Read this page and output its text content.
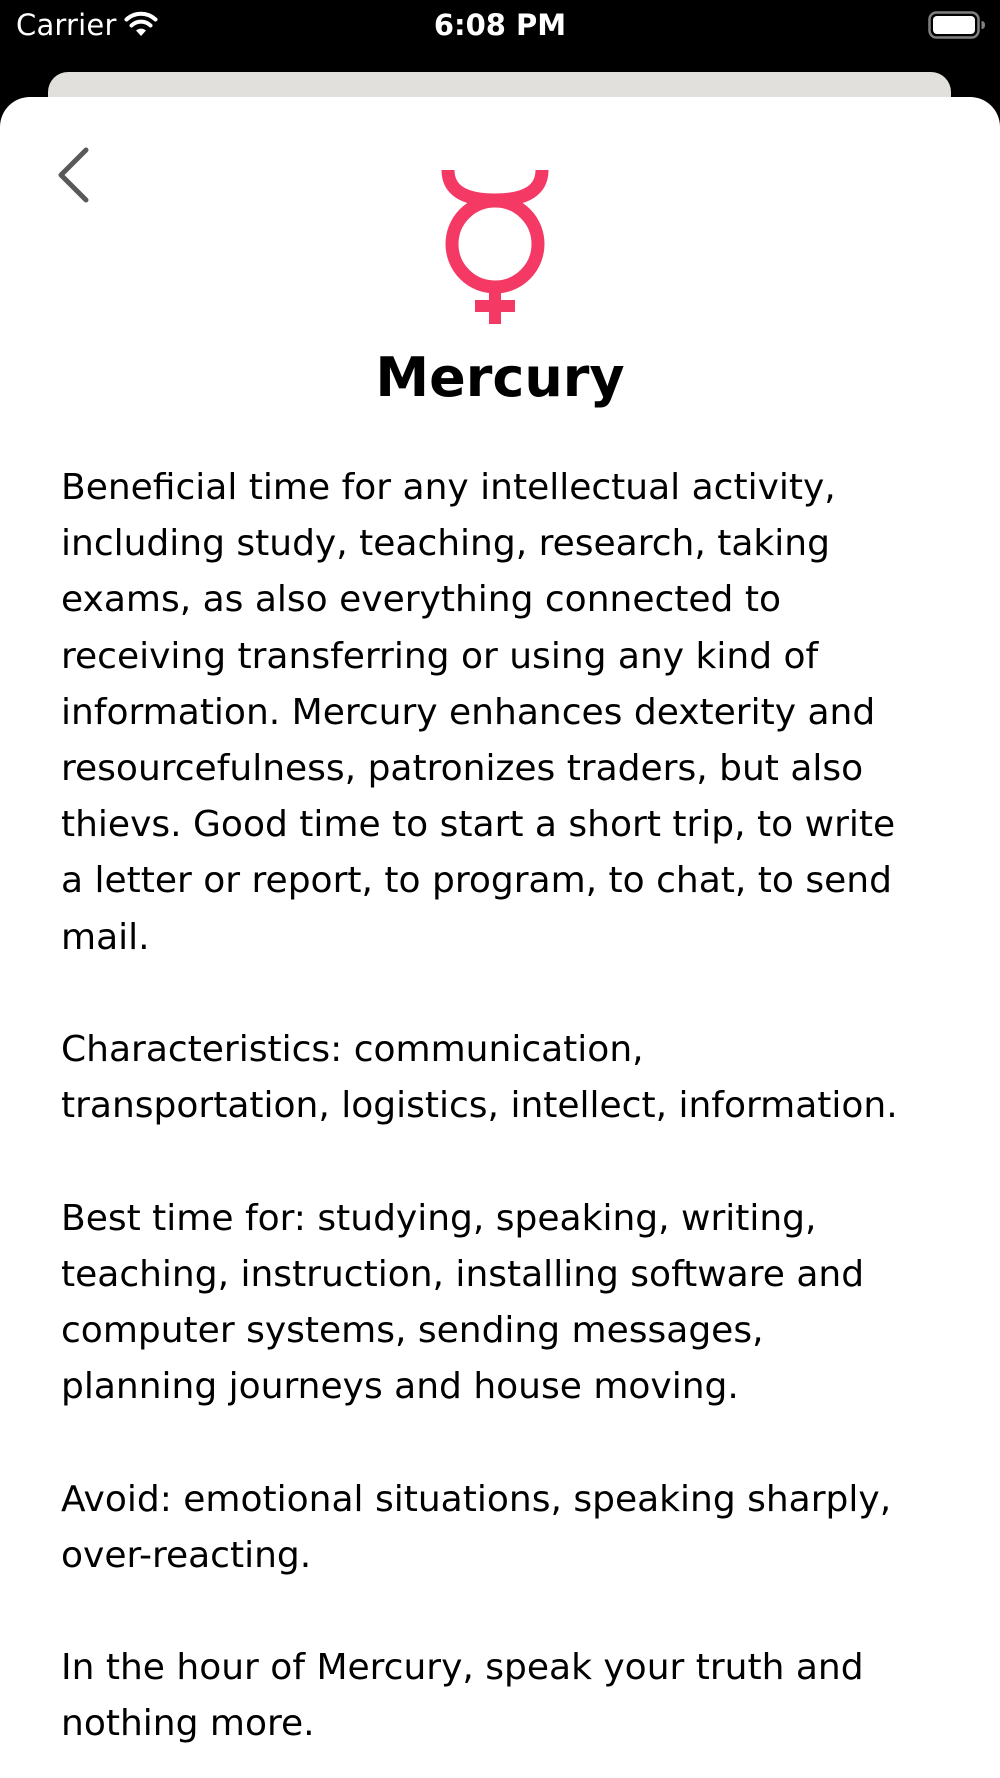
Carrier	6:08 PM
Mercury

Beneficial time for any intellectual activity,

including study, teaching, research, taking

exams, as also everything connected to

receiving transferring or using any kind of

information. Mercury enhances dexterity and

resourcefulness, patronizes traders, but also

thievs. Good time to start a short trip, to write

a letter or report, to program, to chat, to send

mail.

Characteristics: communication,

transportation, logistics, intellect, information.

Best time for: studying, speaking, writing,

teaching, instruction, installing software and

computer systems, sending messages,

planning journeys and house moving.

Avoid: emotional situations, speaking sharply,

over-reacting.

In the hour of Mercury, speak your truth and

nothing more.
